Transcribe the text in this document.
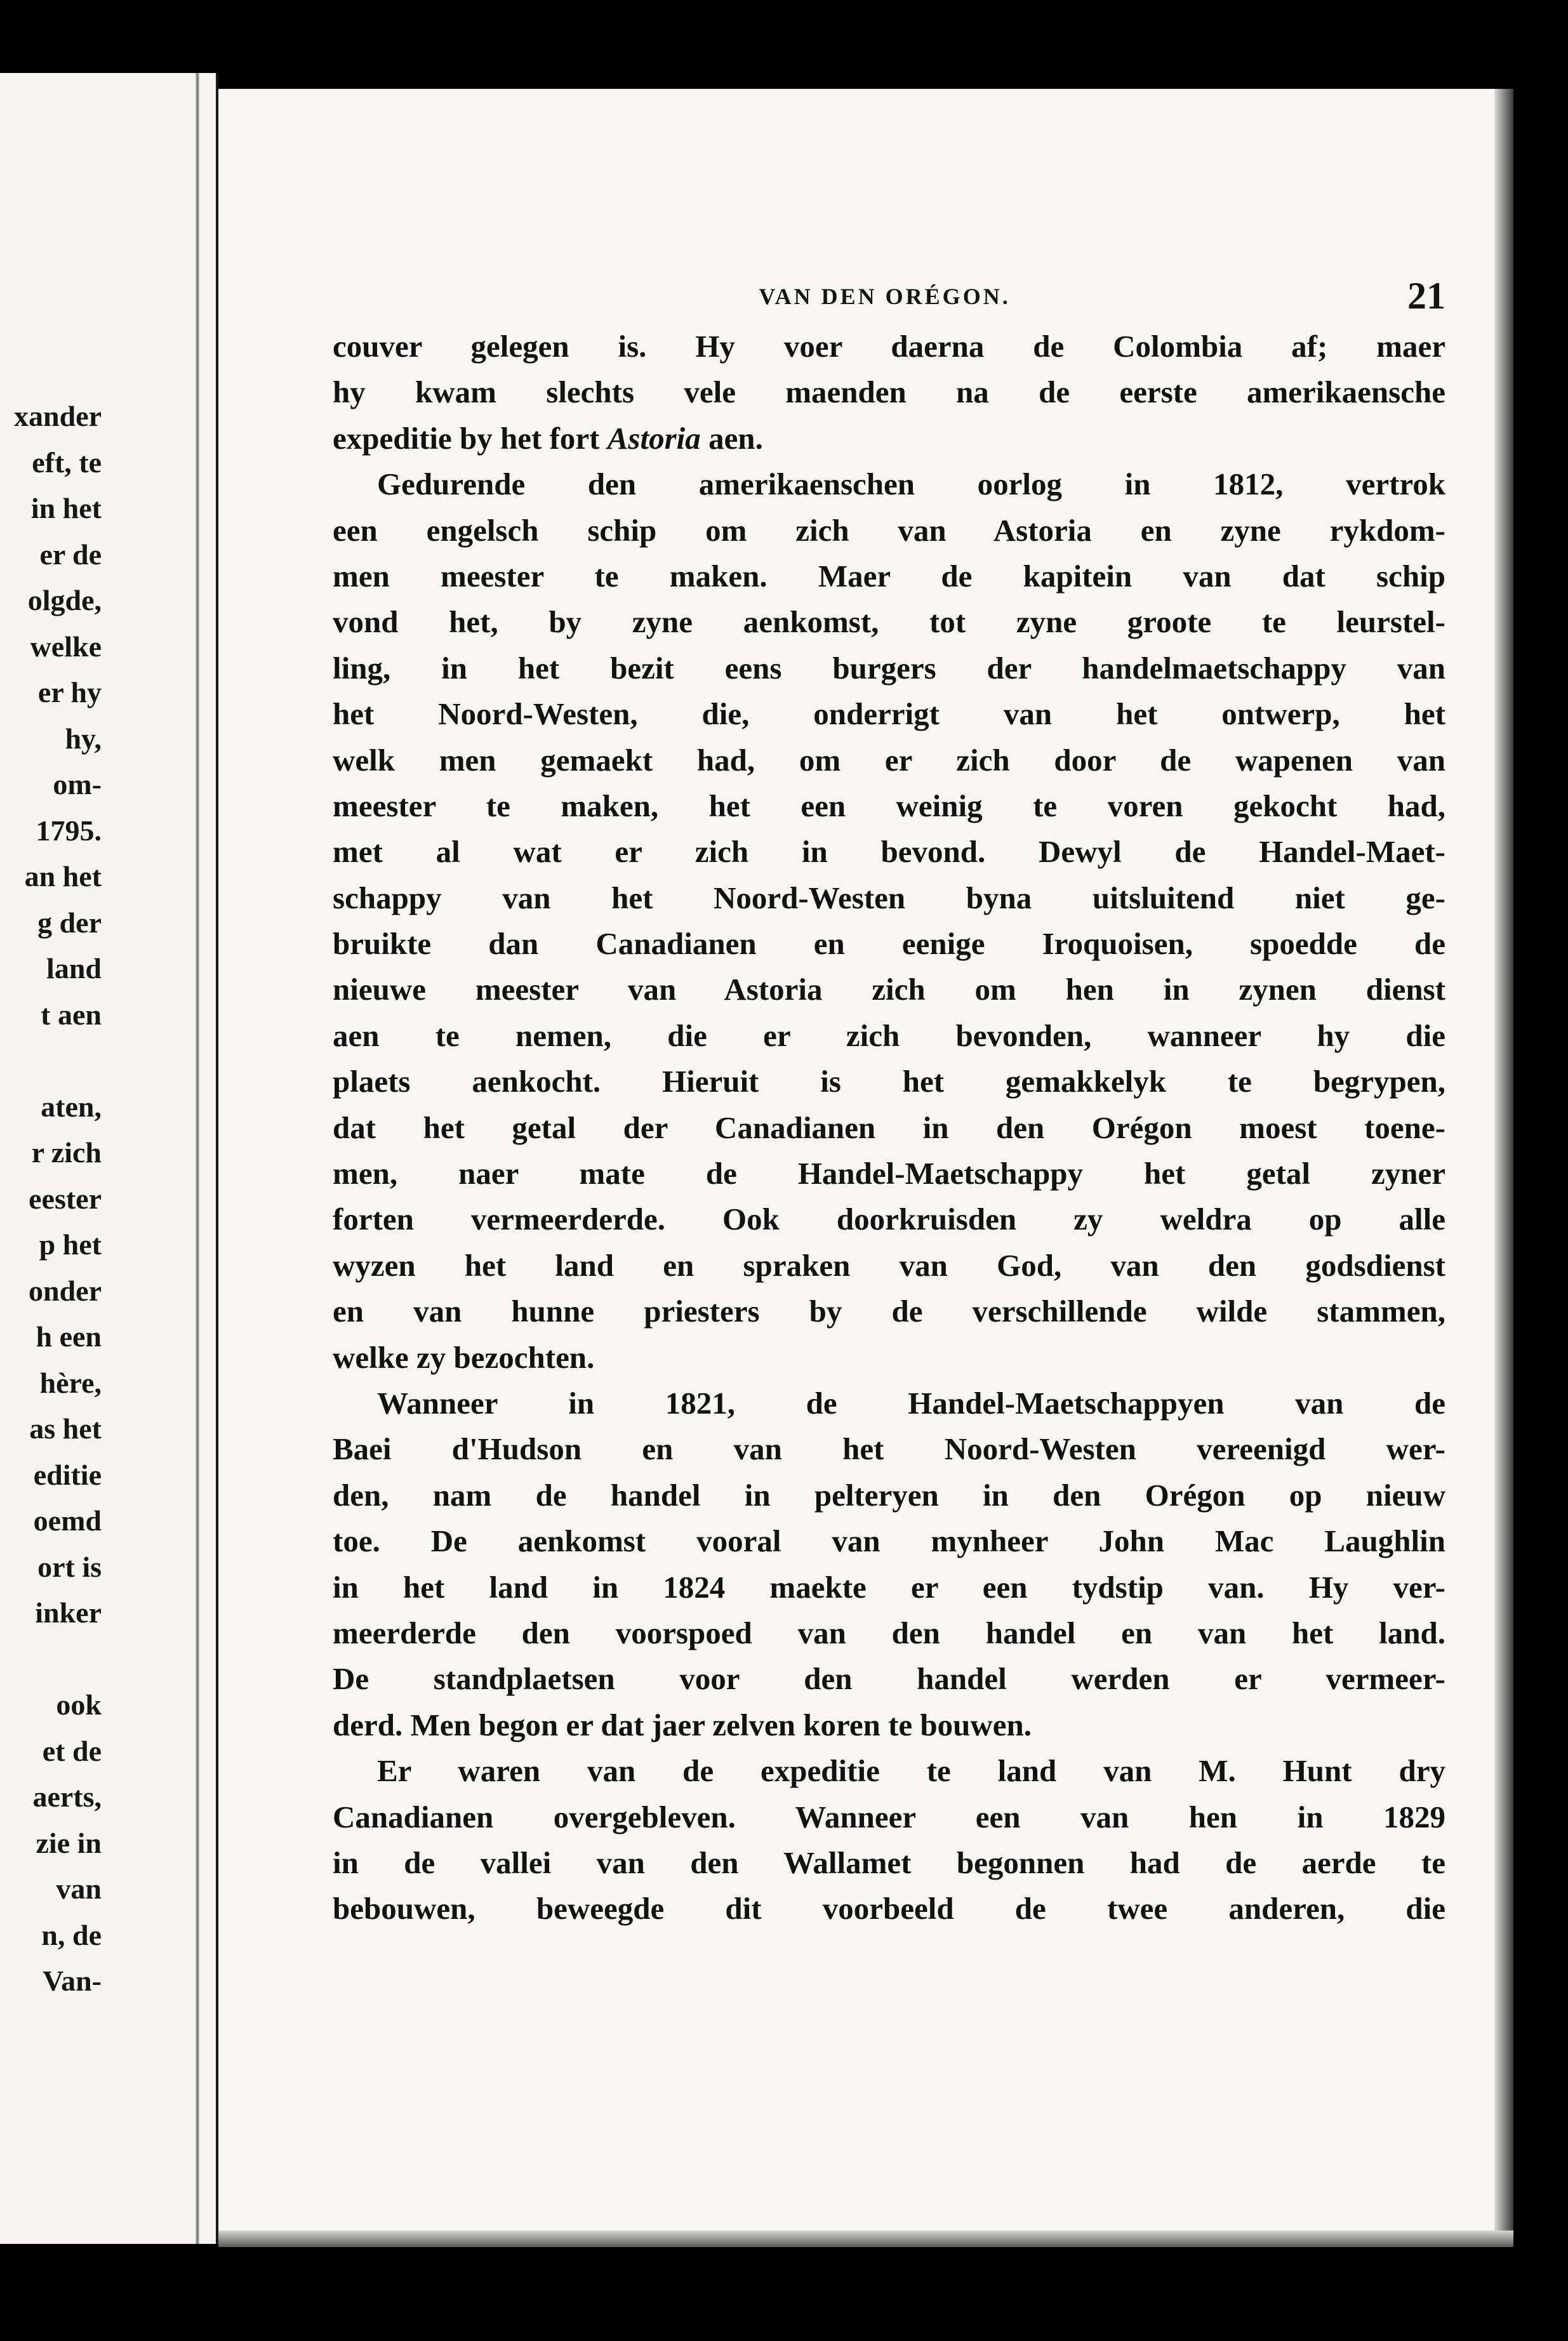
xander
eft, te
in het
er de
olgde,
welke
er hy
hy,
om-
1795.
an het
g der
land
t aen
aten,
r zich
eester
p het
onder
h een
hère,
as het
editie
oemd
ort is
inker
ook
et de
aerts,
zie in
van
n, de
Van-
VAN DEN ORÉGON.	21
couver gelegen is. Hy voer daerna de Colombia af; maer
hy kwam slechts vele maenden na de eerste amerikaensche
expeditie by het fort Astoria aen.
Gedurende den amerikaenschen oorlog in 1812, vertrok
een engelsch schip om zich van Astoria en zyne rykdom-
men meester te maken. Maer de kapitein van dat schip
vond het, by zyne aenkomst, tot zyne groote te leurstel-
ling, in het bezit eens burgers der handelmaetschappy van
het Noord-Westen, die, onderrigt van het ontwerp, het
welk men gemaekt had, om er zich door de wapenen van
meester te maken, het een weinig te voren gekocht had,
met al wat er zich in bevond. Dewyl de Handel-Maet-
schappy van het Noord-Westen byna uitsluitend niet ge-
bruikte dan Canadianen en eenige Iroquoisen, spoedde de
nieuwe meester van Astoria zich om hen in zynen dienst
aen te nemen, die er zich bevonden, wanneer hy die
plaets aenkocht. Hieruit is het gemakkelyk te begrypen,
dat het getal der Canadianen in den Orégon moest toene-
men, naer mate de Handel-Maetschappy het getal zyner
forten vermeerderde. Ook doorkruisden zy weldra op alle
wyzen het land en spraken van God, van den godsdienst
en van hunne priesters by de verschillende wilde stammen,
welke zy bezochten.
Wanneer in 1821, de Handel-Maetschappyen van de
Baei d'Hudson en van het Noord-Westen vereenigd wer-
den, nam de handel in pelteryen in den Orégon op nieuw
toe. De aenkomst vooral van mynheer John Mac Laughlin
in het land in 1824 maekte er een tydstip van. Hy ver-
meerderde den voorspoed van den handel en van het land.
De standplaetsen voor den handel werden er vermeer-
derd. Men begon er dat jaer zelven koren te bouwen.
Er waren van de expeditie te land van M. Hunt dry
Canadianen overgebleven. Wanneer een van hen in 1829
in de vallei van den Wallamet begonnen had de aerde te
bebouwen, beweegde dit voorbeeld de twee anderen, die
